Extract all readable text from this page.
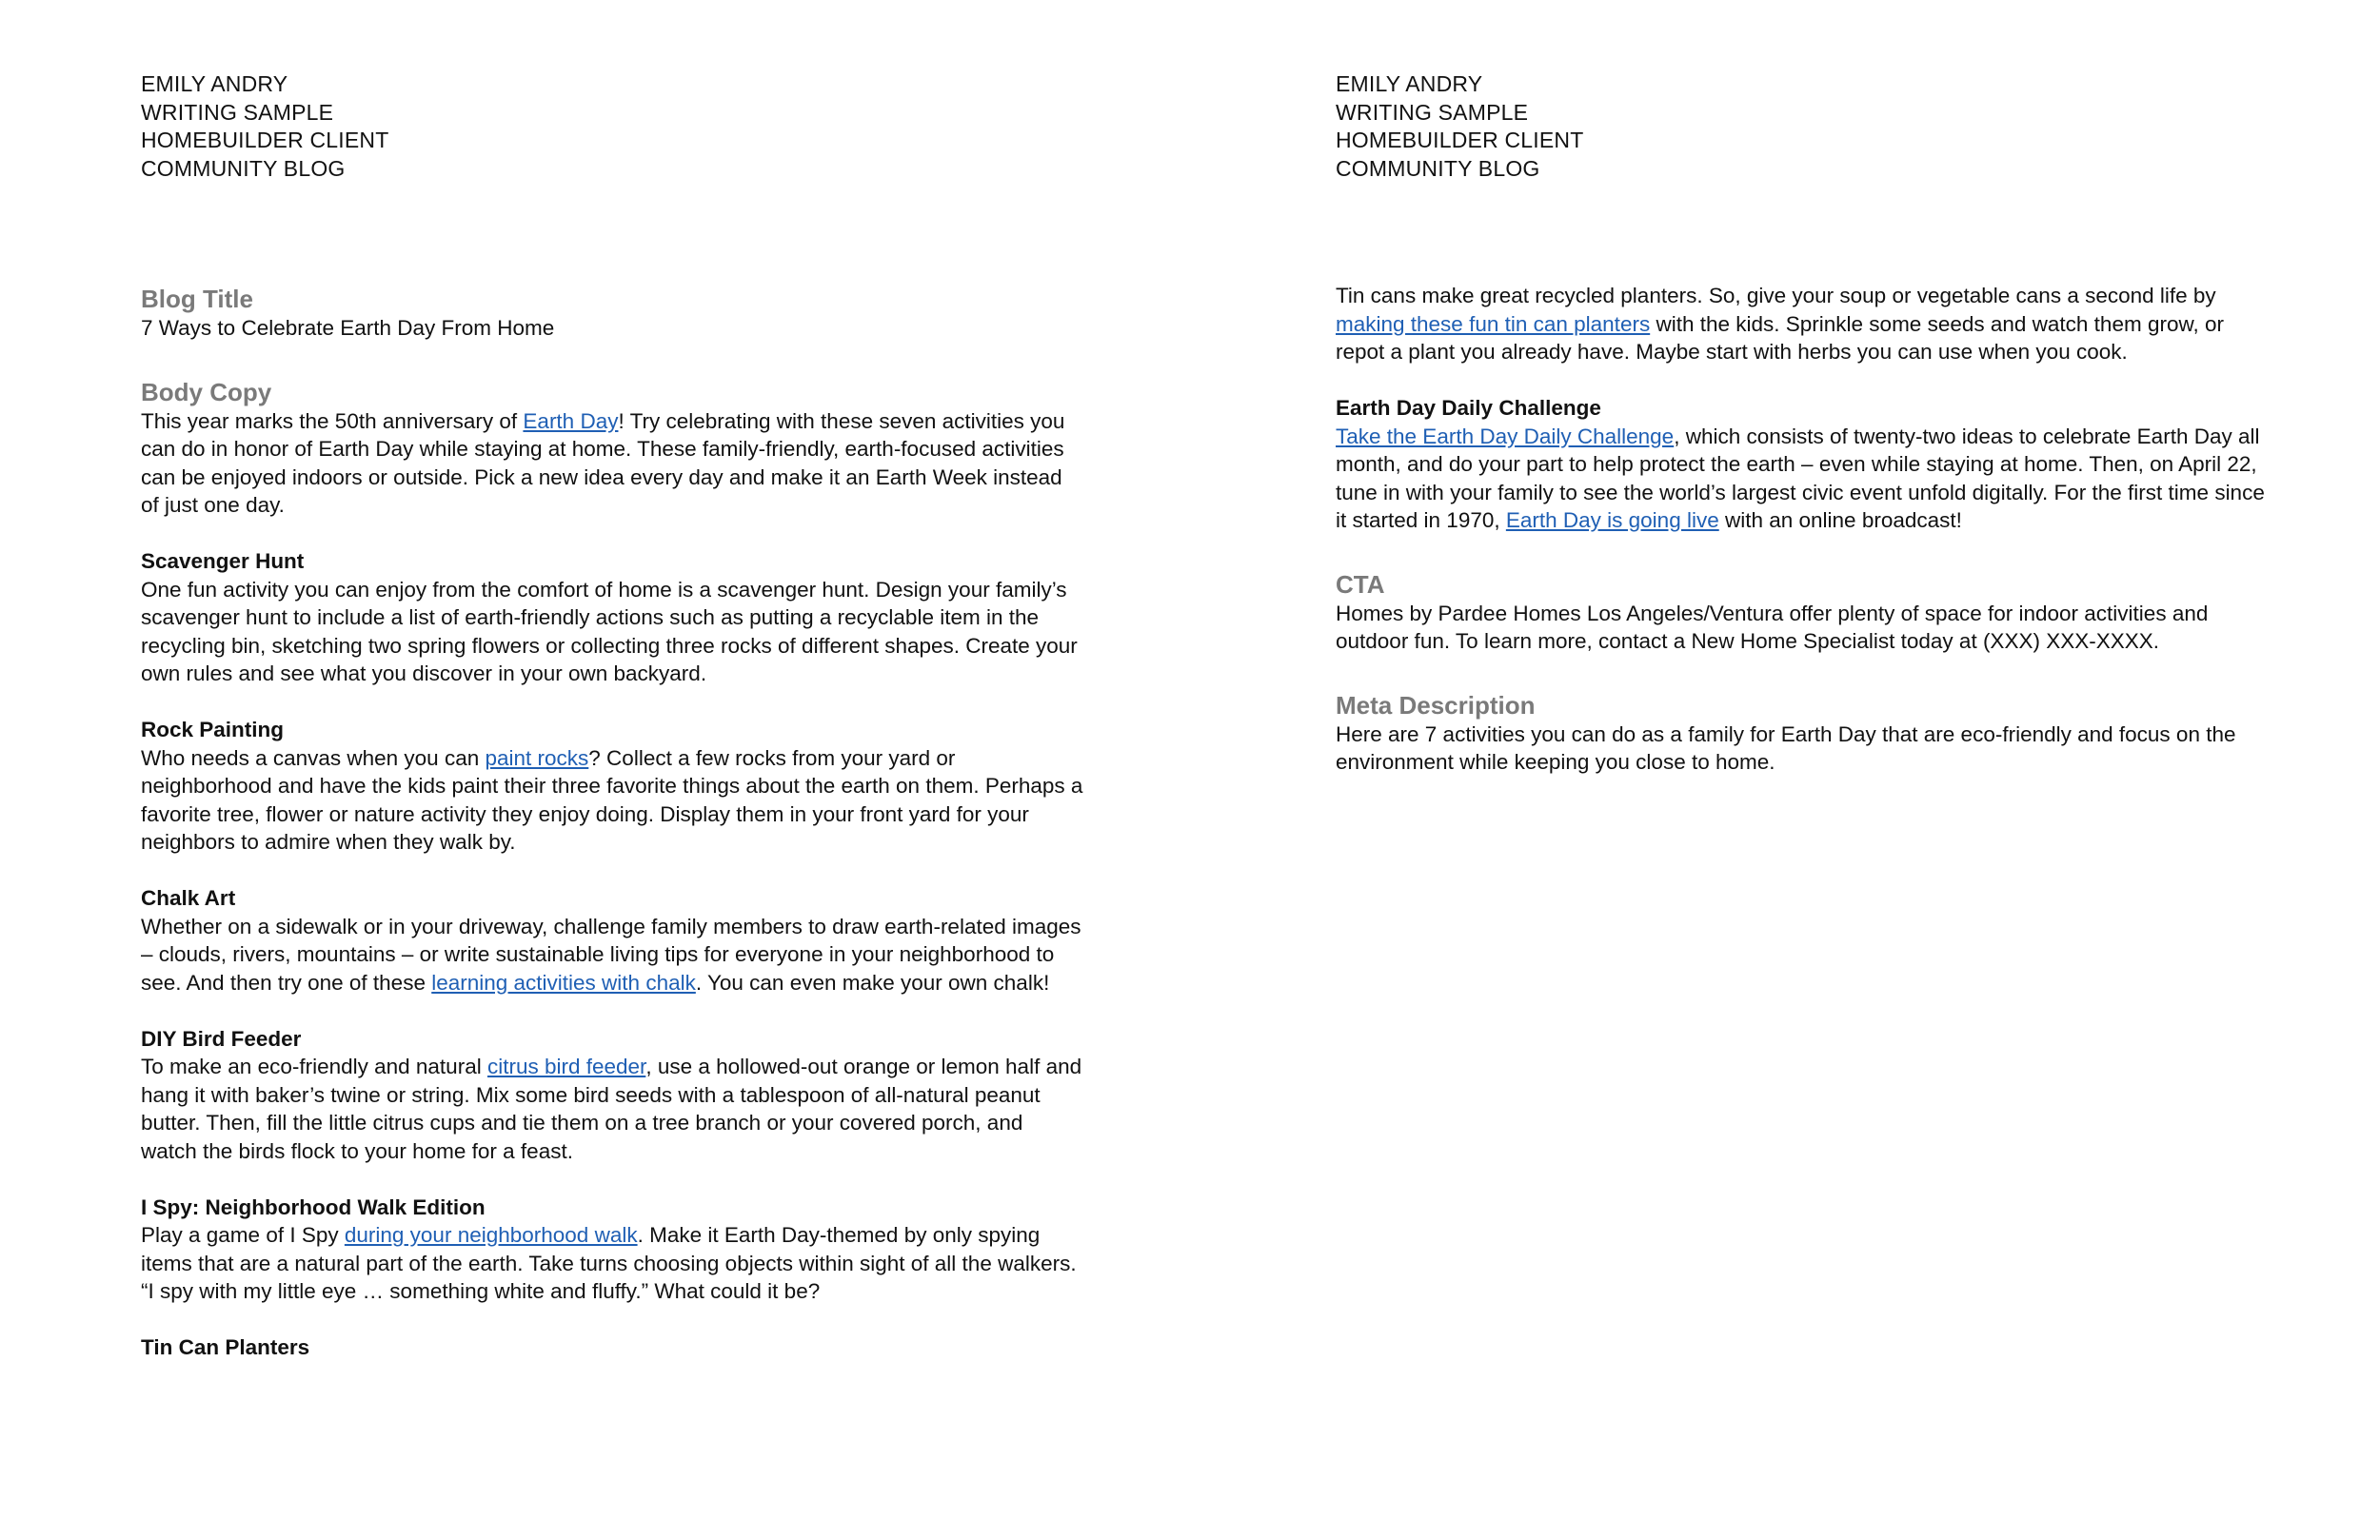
EMILY ANDRY
WRITING SAMPLE
HOMEBUILDER CLIENT
COMMUNITY BLOG
Blog Title

7 Ways to Celebrate Earth Day From Home

Body Copy

This year marks the 50th anniversary of Earth Day! Try celebrating with these seven activities you can do in honor of Earth Day while staying at home. These family-friendly, earth-focused activities can be enjoyed indoors or outside. Pick a new idea every day and make it an Earth Week instead of just one day.

Scavenger Hunt

One fun activity you can enjoy from the comfort of home is a scavenger hunt. Design your family’s scavenger hunt to include a list of earth-friendly actions such as putting a recyclable item in the recycling bin, sketching two spring flowers or collecting three rocks of different shapes. Create your own rules and see what you discover in your own backyard.

Rock Painting

Who needs a canvas when you can paint rocks? Collect a few rocks from your yard or neighborhood and have the kids paint their three favorite things about the earth on them. Perhaps a favorite tree, flower or nature activity they enjoy doing. Display them in your front yard for your neighbors to admire when they walk by.

Chalk Art

Whether on a sidewalk or in your driveway, challenge family members to draw earth-related images – clouds, rivers, mountains – or write sustainable living tips for everyone in your neighborhood to see. And then try one of these learning activities with chalk. You can even make your own chalk!

DIY Bird Feeder

To make an eco-friendly and natural citrus bird feeder, use a hollowed-out orange or lemon half and hang it with baker’s twine or string. Mix some bird seeds with a tablespoon of all-natural peanut butter. Then, fill the little citrus cups and tie them on a tree branch or your covered porch, and watch the birds flock to your home for a feast.

I Spy: Neighborhood Walk Edition

Play a game of I Spy during your neighborhood walk. Make it Earth Day-themed by only spying items that are a natural part of the earth. Take turns choosing objects within sight of all the walkers. “I spy with my little eye … something white and fluffy.” What could it be?

Tin Can Planters

EMILY ANDRY
WRITING SAMPLE
HOMEBUILDER CLIENT
COMMUNITY BLOG

Tin cans make great recycled planters. So, give your soup or vegetable cans a second life by making these fun tin can planters with the kids. Sprinkle some seeds and watch them grow, or repot a plant you already have. Maybe start with herbs you can use when you cook.

Earth Day Daily Challenge

Take the Earth Day Daily Challenge, which consists of twenty-two ideas to celebrate Earth Day all month, and do your part to help protect the earth – even while staying at home. Then, on April 22, tune in with your family to see the world’s largest civic event unfold digitally. For the first time since it started in 1970, Earth Day is going live with an online broadcast!

CTA

Homes by Pardee Homes Los Angeles/Ventura offer plenty of space for indoor activities and outdoor fun. To learn more, contact a New Home Specialist today at (XXX) XXX-XXXX.

Meta Description

Here are 7 activities you can do as a family for Earth Day that are eco-friendly and focus on the environment while keeping you close to home.
